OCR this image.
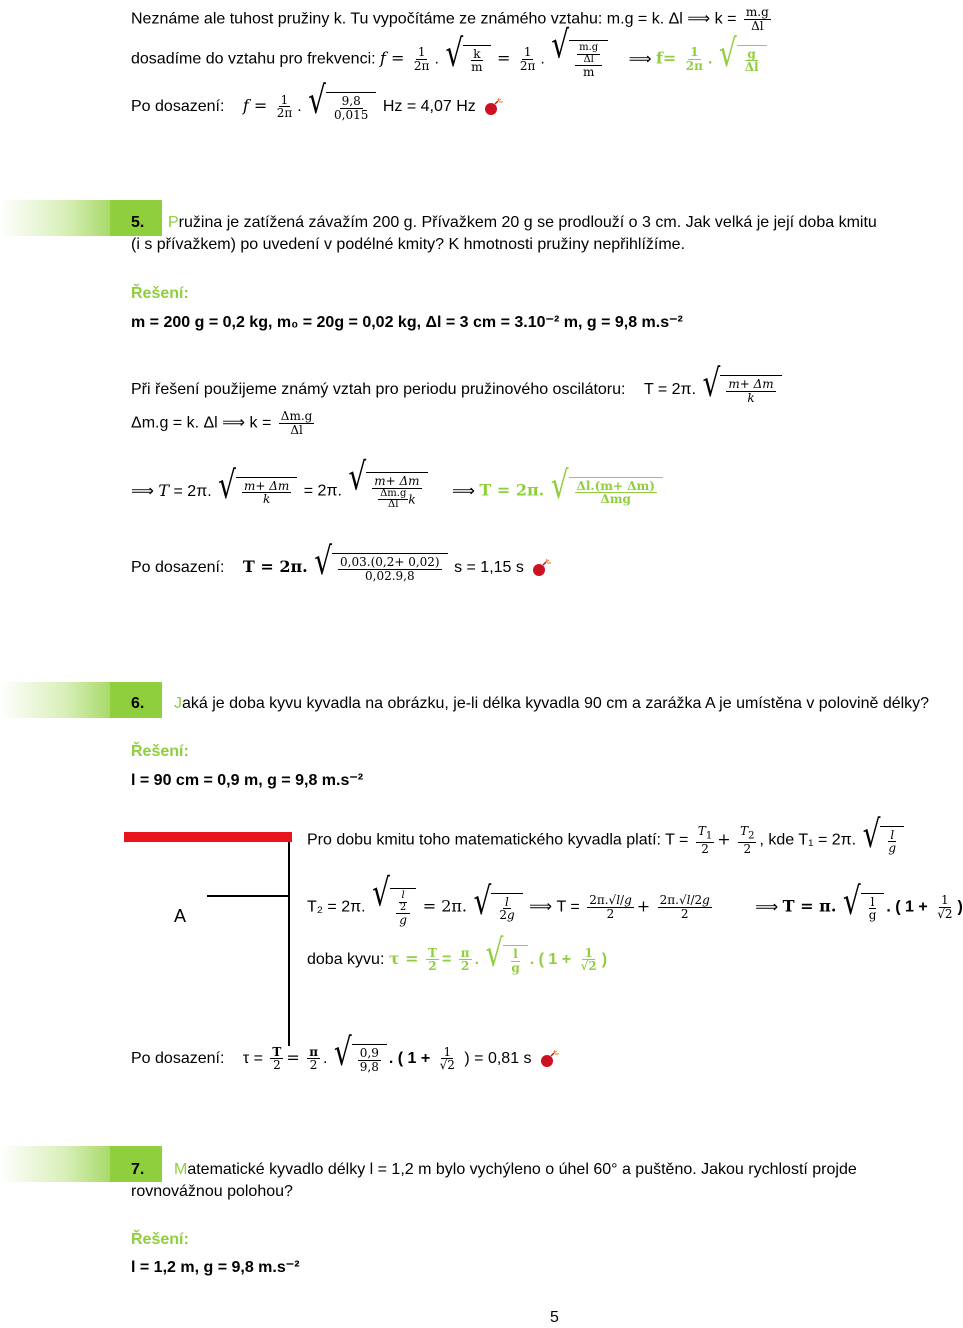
Neznáme ale tuhost pružiny k. Tu vypočítáme ze známého vztahu: m.g = k. Δl ⟹ $k = \frac{m.g}{\Delta l}$
dosadíme do vztahu pro frekvenci: $f = \frac{1}{2\pi}$ . √ $\frac{k}{m} = \frac{1}{2\pi}$ . √ $\frac{\frac{m.g}{\Delta l}}{m}$ ⟹ $f= \frac{1}{2\pi}$ . √ $\frac{g}{\Delta l}$
Po dosazení: $f = \frac{1}{2\pi}$ . √ $\frac{9,8}{0,015}$ Hz = 4,07 Hz
5. Pružina je zatížená závažím 200 g. Přívažkem 20 g se prodlouží o 3 cm. Jak velká je její doba kmitu
(i s přívažkem) po uvedení v podélné kmity? K hmotnosti pružiny nepřihlížíme.
Řešení:
m = 200 g = 0,2 kg, m₀ = 20g = 0,02 kg, Δl = 3 cm = 3.10⁻² m, g = 9,8 m.s⁻²
Při řešení použijeme známý vztah pro periodu pružinového oscilátoru: T = 2π. √ $\frac{m+ \Delta m}{k}$
Δm.g = k. Δl ⟹ $k = \frac{\Delta m.g}{\Delta l}$
⟹ T = 2π. √ $\frac{m+ \Delta m}{k} = 2\pi$. √ $\frac{m+ \Delta m}{\frac{\Delta m.g}{\Delta l} k}$ ⟹ T = 2π. √ $\frac{\Delta l.(m+ \Delta m)}{\text{Δmg}}$
Po dosazení: T = 2π. √ $\frac{0,03.(0,2+ 0,02)}{0,02.9,8}$ s = 1,15 s
6. Jaká je doba kyvu kyvadla na obrázku, je-li délka kyvadla 90 cm a zarážka A je umístěna v polovině délky?
Řešení:
l = 90 cm = 0,9 m, g = 9,8 m.s⁻²
A
Pro dobu kmitu toho matematického kyvadla platí: $T = \frac{T_1}{2} + \frac{T_2}{2}$ , kde T₁ = 2π. √ $\frac{l}{g}$
T₂ = 2π. √ $\frac{\frac{l}{2}}{g} = 2\pi$. √ $\frac{l}{2g}$ ⟹ $T = \frac{2\pi.√l/g}{2} + \frac{2\pi.√l/2g}{2}$	⟹ T = π. √ $\frac{l}{g}$ . ( $1 + \frac{1}{√2}$ )
doba kyvu: $\tau = \frac{T}{2} = \frac{\pi}{2}$ . √ $\frac{l}{g}$ . ( $1 + \frac{1}{√2}$ )
Po dosazení: $\tau = \frac{T}{2} = \frac{\pi}{2}$ . √ $\frac{0,9}{9,8}$ . ( $1 + \frac{1}{√2}$ ) = 0,81 s
7. Matematické kyvadlo délky l = 1,2 m bylo vychýleno o úhel 60° a puštěno. Jakou rychlostí projde
rovnovážnou polohou?
Řešení:
l = 1,2 m, g = 9,8 m.s⁻²
5
